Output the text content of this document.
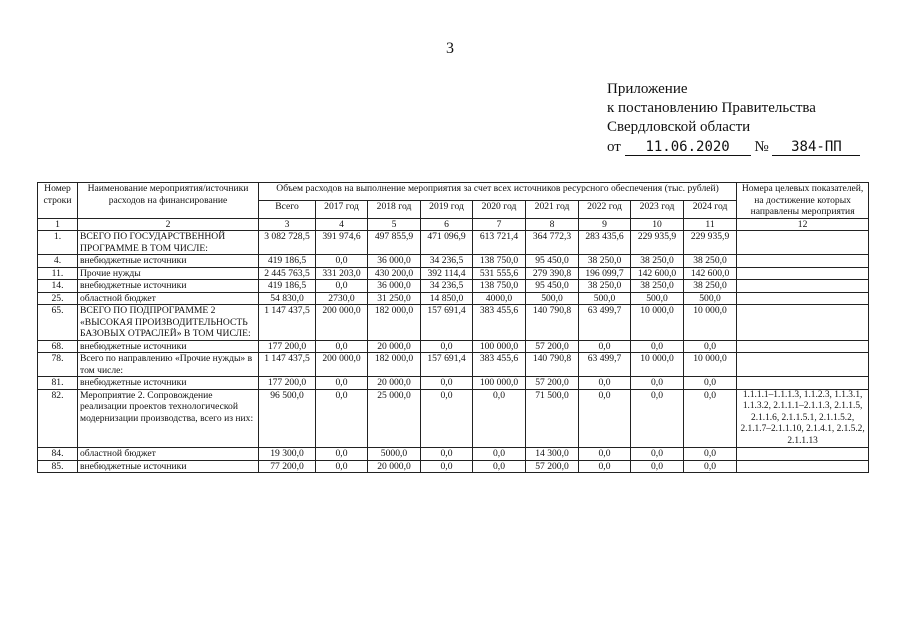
3
Приложение
к постановлению Правительства
Свердловской области
от 11.06.2020 № 384-ПП
Номер строки	Наименование мероприятия/источники расходов на финансирование	Объем расходов на выполнение мероприятия за счет всех источников ресурсного обеспечения (тыс. рублей)									Номера целевых показателей, на достижение которых направлены мероприятия
		Всего	2017 год	2018 год	2019 год	2020 год	2021 год	2022 год	2023 год	2024 год	
1	2	3	4	5	6	7	8	9	10	11	12
1.	ВСЕГО ПО ГОСУДАРСТВЕННОЙ ПРОГРАММЕ В ТОМ ЧИСЛЕ:	3 082 728,5	391 974,6	497 855,9	471 096,9	613 721,4	364 772,3	283 435,6	229 935,9	229 935,9	
4.	внебюджетные источники	419 186,5	0,0	36 000,0	34 236,5	138 750,0	95 450,0	38 250,0	38 250,0	38 250,0	
11.	Прочие нужды	2 445 763,5	331 203,0	430 200,0	392 114,4	531 555,6	279 390,8	196 099,7	142 600,0	142 600,0	
14.	внебюджетные источники	419 186,5	0,0	36 000,0	34 236,5	138 750,0	95 450,0	38 250,0	38 250,0	38 250,0	
25.	областной бюджет	54 830,0	2730,0	31 250,0	14 850,0	4000,0	500,0	500,0	500,0	500,0	
65.	ВСЕГО ПО ПОДПРОГРАММЕ 2 «ВЫСОКАЯ ПРОИЗВОДИТЕЛЬНОСТЬ БАЗОВЫХ ОТРАСЛЕЙ» В ТОМ ЧИСЛЕ:	1 147 437,5	200 000,0	182 000,0	157 691,4	383 455,6	140 790,8	63 499,7	10 000,0	10 000,0	
68.	внебюджетные источники	177 200,0	0,0	20 000,0	0,0	100 000,0	57 200,0	0,0	0,0	0,0	
78.	Всего по направлению «Прочие нужды» в том числе:	1 147 437,5	200 000,0	182 000,0	157 691,4	383 455,6	140 790,8	63 499,7	10 000,0	10 000,0	
81.	внебюджетные источники	177 200,0	0,0	20 000,0	0,0	100 000,0	57 200,0	0,0	0,0	0,0	
82.	Мероприятие 2. Сопровождение реализации проектов технологической модернизации производства, всего из них:	96 500,0	0,0	25 000,0	0,0	0,0	71 500,0	0,0	0,0	0,0	1.1.1.1–1.1.1.3, 1.1.2.3, 1.1.3.1, 1.1.3.2, 2.1.1.1–2.1.1.3, 2.1.1.5, 2.1.1.6, 2.1.1.5.1, 2.1.1.5.2, 2.1.1.7–2.1.1.10, 2.1.4.1, 2.1.5.2, 2.1.1.13
84.	областной бюджет	19 300,0	0,0	5000,0	0,0	0,0	14 300,0	0,0	0,0	0,0	
85.	внебюджетные источники	77 200,0	0,0	20 000,0	0,0	0,0	57 200,0	0,0	0,0	0,0	
